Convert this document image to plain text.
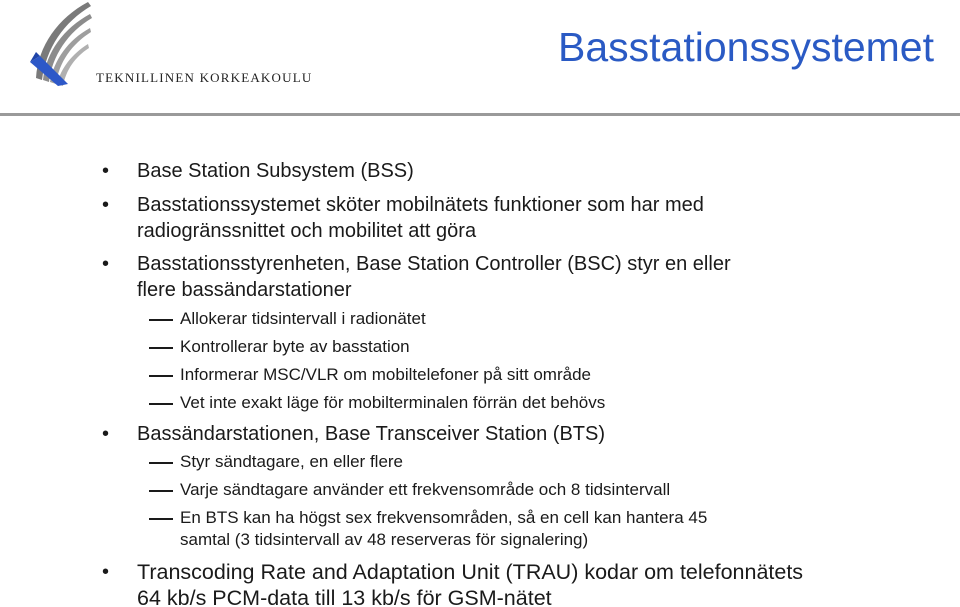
TEKNILLINEN KORKEAKOULU
Basstationssystemet
• Base Station Subsystem (BSS)
• Basstationssystemet sköter mobilnätets funktioner som har med
radiogränssnittet och mobilitet att göra
• Basstationsstyrenheten, Base Station Controller (BSC) styr en eller
flere bassändarstationer
Allokerar tidsintervall i radionätet
Kontrollerar byte av basstation
Informerar MSC/VLR om mobiltelefoner på sitt område
Vet inte exakt läge för mobilterminalen förrän det behövs
• Bassändarstationen, Base Transceiver Station (BTS)
Styr sändtagare, en eller flere
Varje sändtagare använder ett frekvensområde och 8 tidsintervall
En BTS kan ha högst sex frekvensområden, så en cell kan hantera 45
samtal (3 tidsintervall av 48 reserveras för signalering)
• Transcoding Rate and Adaptation Unit (TRAU) kodar om telefonnätets
64 kb/s PCM-data till 13 kb/s för GSM-nätet
